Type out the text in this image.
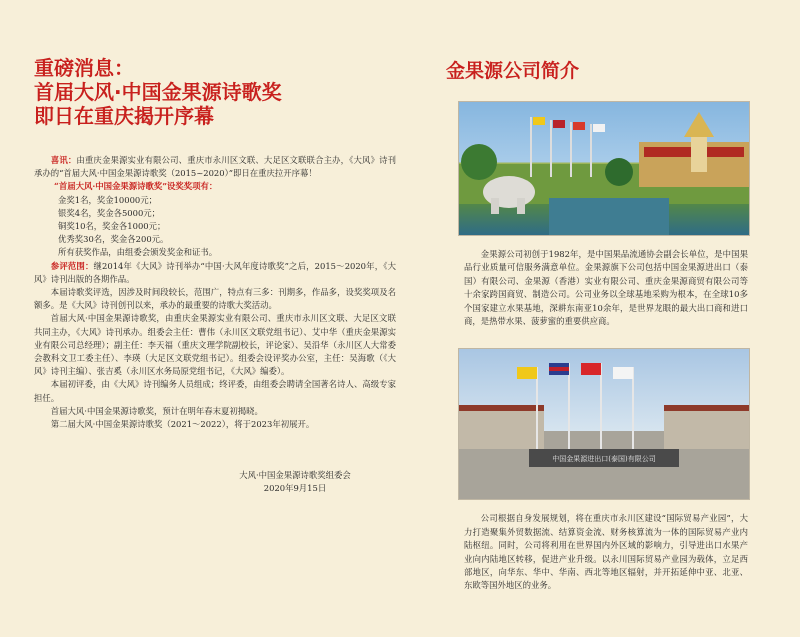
重磅消息：
首届大风·中国金果源诗歌奖
即日在重庆揭开序幕

喜讯：由重庆金果源实业有限公司、重庆市永川区文联、大足区文联联合主办，《大风》诗刊承办的“首届大风·中国金果源诗歌奖（2015~2020）”即日在重庆拉开序幕！

“首届大风·中国金果源诗歌奖”设奖奖项有：
金奖1名，奖金10000元；
银奖4名，奖金各5000元；
铜奖10名，奖金各1000元；
优秀奖30名，奖金各200元。
所有获奖作品，由组委会颁发奖金和证书。

参评范围：继2014年《大风》诗刊举办“中国·大风年度诗歌奖”之后，2015～2020年，《大风》诗刊出版的各期作品。

本届诗歌奖评选，因涉及时间段较长，范围广，特点有三多：刊期多，作品多，设奖奖项及名额多。是《大风》诗刊创刊以来，承办的最重要的诗歌大奖活动。

首届大风·中国金果源诗歌奖，由重庆金果源实业有限公司、重庆市永川区文联、大足区文联共同主办，《大风》诗刊承办。组委会主任：曹伟（永川区文联党组书记）、艾中华（重庆金果源实业有限公司总经理）；副主任：李天福（重庆文理学院副校长，评论家）、吴沿华（永川区人大常委会教科文卫工委主任）、李瑛（大足区文联党组书记）。组委会设评奖办公室，主任：吴海歌（《大风》诗刊主编）、张吉奚（永川区水务局原党组书记，《大风》编委）。

本届初评委，由《大风》诗刊编务人员组成；终评委，由组委会聘请全国著名诗人、高级专家担任。

首届大风·中国金果源诗歌奖，预计在明年春末夏初揭晓。

第二届大风·中国金果源诗歌奖（2021～2022），将于2023年初展开。

大风·中国金果源诗歌奖组委会
2020年9月15日
金果源公司简介

金果源公司初创于1982年，是中国果品流通协会副会长单位，是中国果品行业质量可信服务满意单位。金果源旗下公司包括中国金果源进出口（泰国）有限公司、金果源（香港）实业有限公司、重庆金果源商贸有限公司等十余家跨国商贸、制造公司。公司业务以全球基地采购为根本，在全球10多个国家建立水果基地，深耕东南亚10余年，是世界龙眼的最大出口商和进口商，是热带水果、菠萝蜜的重要供应商。

中国金果源进出口(泰国)有限公司

公司根据自身发展规划，将在重庆市永川区建设“国际贸易产业园”，大力打造聚集外贸数据流、结算资金流、财务核算流为一体的国际贸易产业内陆枢纽。同时，公司将利用在世界国内外区域的影响力，引导进出口水果产业向内陆地区转移，促进产业升级。以永川国际贸易产业园为载体，立足西部地区，向华东、华中、华南、西北等地区辐射，并开拓延伸中亚、北亚、东欧等国外地区的业务。
